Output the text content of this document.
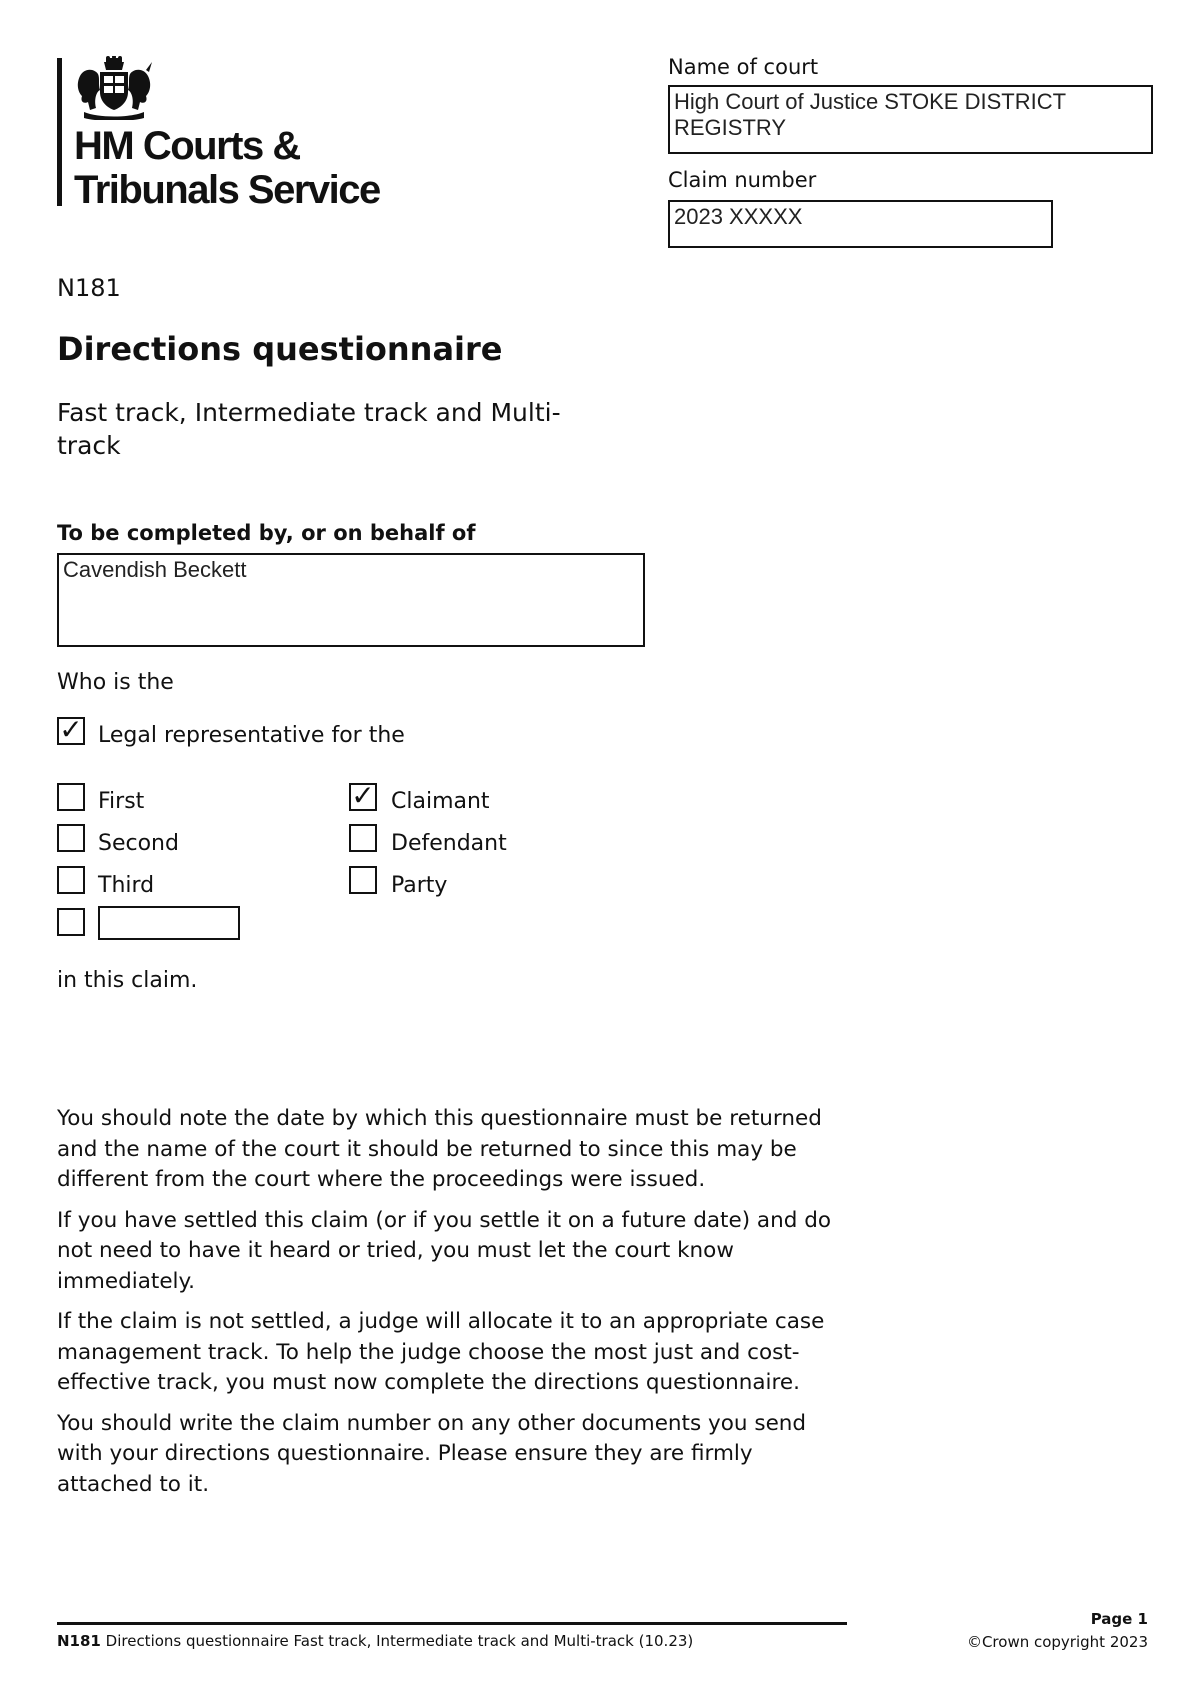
HM Courts &
Tribunals Service
Name of court
High Court of Justice STOKE DISTRICT REGISTRY
Claim number
2023 XXXXX
N181
Directions questionnaire
Fast track, Intermediate track and Multi-track
To be completed by, or on behalf of
Cavendish Beckett
Who is the
✓ Legal representative for the
First
Second
Third
✓ Claimant
Defendant
Party
in this claim.

You should note the date by which this questionnaire must be returned and the name of the court it should be returned to since this may be different from the court where the proceedings were issued.

If you have settled this claim (or if you settle it on a future date) and do not need to have it heard or tried, you must let the court know immediately.

If the claim is not settled, a judge will allocate it to an appropriate case management track. To help the judge choose the most just and cost-effective track, you must now complete the directions questionnaire.

You should write the claim number on any other documents you send with your directions questionnaire. Please ensure they are firmly attached to it.

N181 Directions questionnaire Fast track, Intermediate track and Multi-track (10.23)
Page 1
©Crown copyright 2023
